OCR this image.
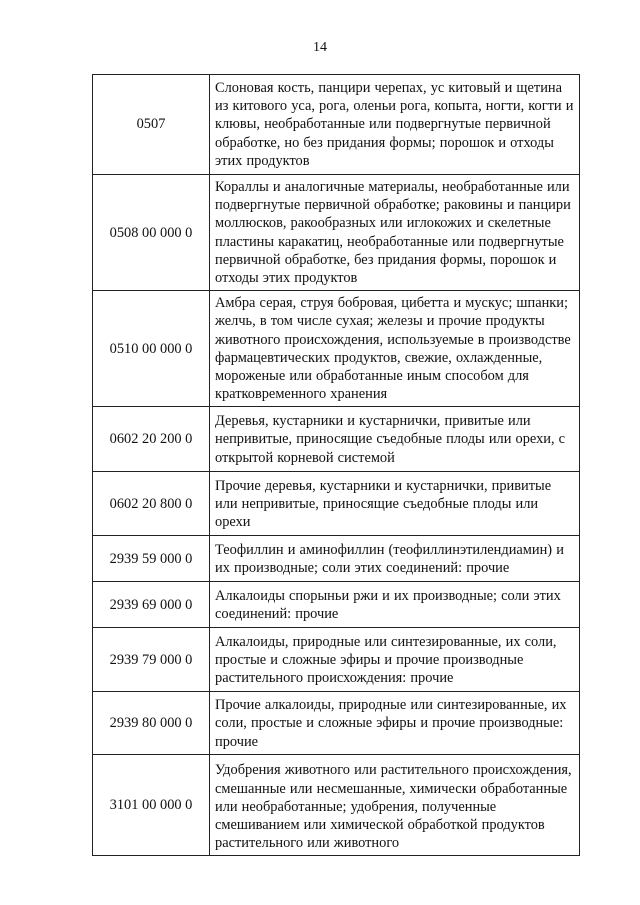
14
0507	Слоновая кость, панцири черепах, ус китовый и щетина из китового уса, рога, оленьи рога, копыта, ногти, когти и клювы, необработанные или подвергнутые первичной обработке, но без придания формы; порошок и отходы этих продуктов
0508 00 000 0	Кораллы и аналогичные материалы, необработанные или подвергнутые первичной обработке; раковины и панцири моллюсков, ракообразных или иглокожих и скелетные пластины каракатиц, необработанные или подвергнутые первичной обработке, без придания формы, порошок и отходы этих продуктов
0510 00 000 0	Амбра серая, струя бобровая, цибетта и мускус; шпанки; желчь, в том числе сухая; железы и прочие продукты животного происхождения, используемые в производстве фармацевтических продуктов, свежие, охлажденные, мороженые или обработанные иным способом для кратковременного хранения
0602 20 200 0	Деревья, кустарники и кустарнички, привитые или непривитые, приносящие съедобные плоды или орехи, с открытой корневой системой
0602 20 800 0	Прочие деревья, кустарники и кустарнички, привитые или непривитые, приносящие съедобные плоды или орехи
2939 59 000 0	Теофиллин и аминофиллин (теофиллинэтилендиамин) и их производные; соли этих соединений: прочие
2939 69 000 0	Алкалоиды спорыньи ржи и их производные; соли этих соединений: прочие
2939 79 000 0	Алкалоиды, природные или синтезированные, их соли, простые и сложные эфиры и прочие производные растительного происхождения: прочие
2939 80 000 0	Прочие алкалоиды, природные или синтезированные, их соли, простые и сложные эфиры и прочие производные: прочие
3101 00 000 0	Удобрения животного или растительного происхождения, смешанные или несмешанные, химически обработанные или необработанные; удобрения, полученные смешиванием или химической обработкой продуктов растительного или животного
